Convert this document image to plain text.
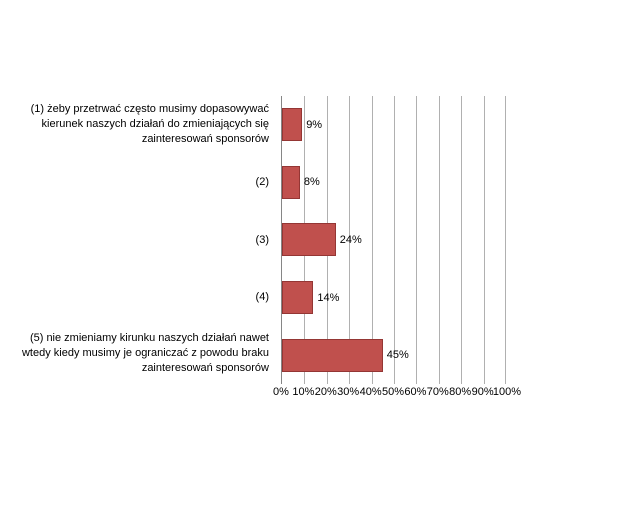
(1) żeby przetrwać często musimy dopasowywać kierunek naszych działań do zmieniających się zainteresowań sponsorów
(2)
(3)
(4)
(5) nie zmieniamy kirunku naszych działań nawet wtedy kiedy musimy je ograniczać z powodu braku zainteresowań sponsorów
9%
8%
24%
14%
45%
0% 10% 20% 30% 40% 50% 60% 70% 80% 90% 100%
